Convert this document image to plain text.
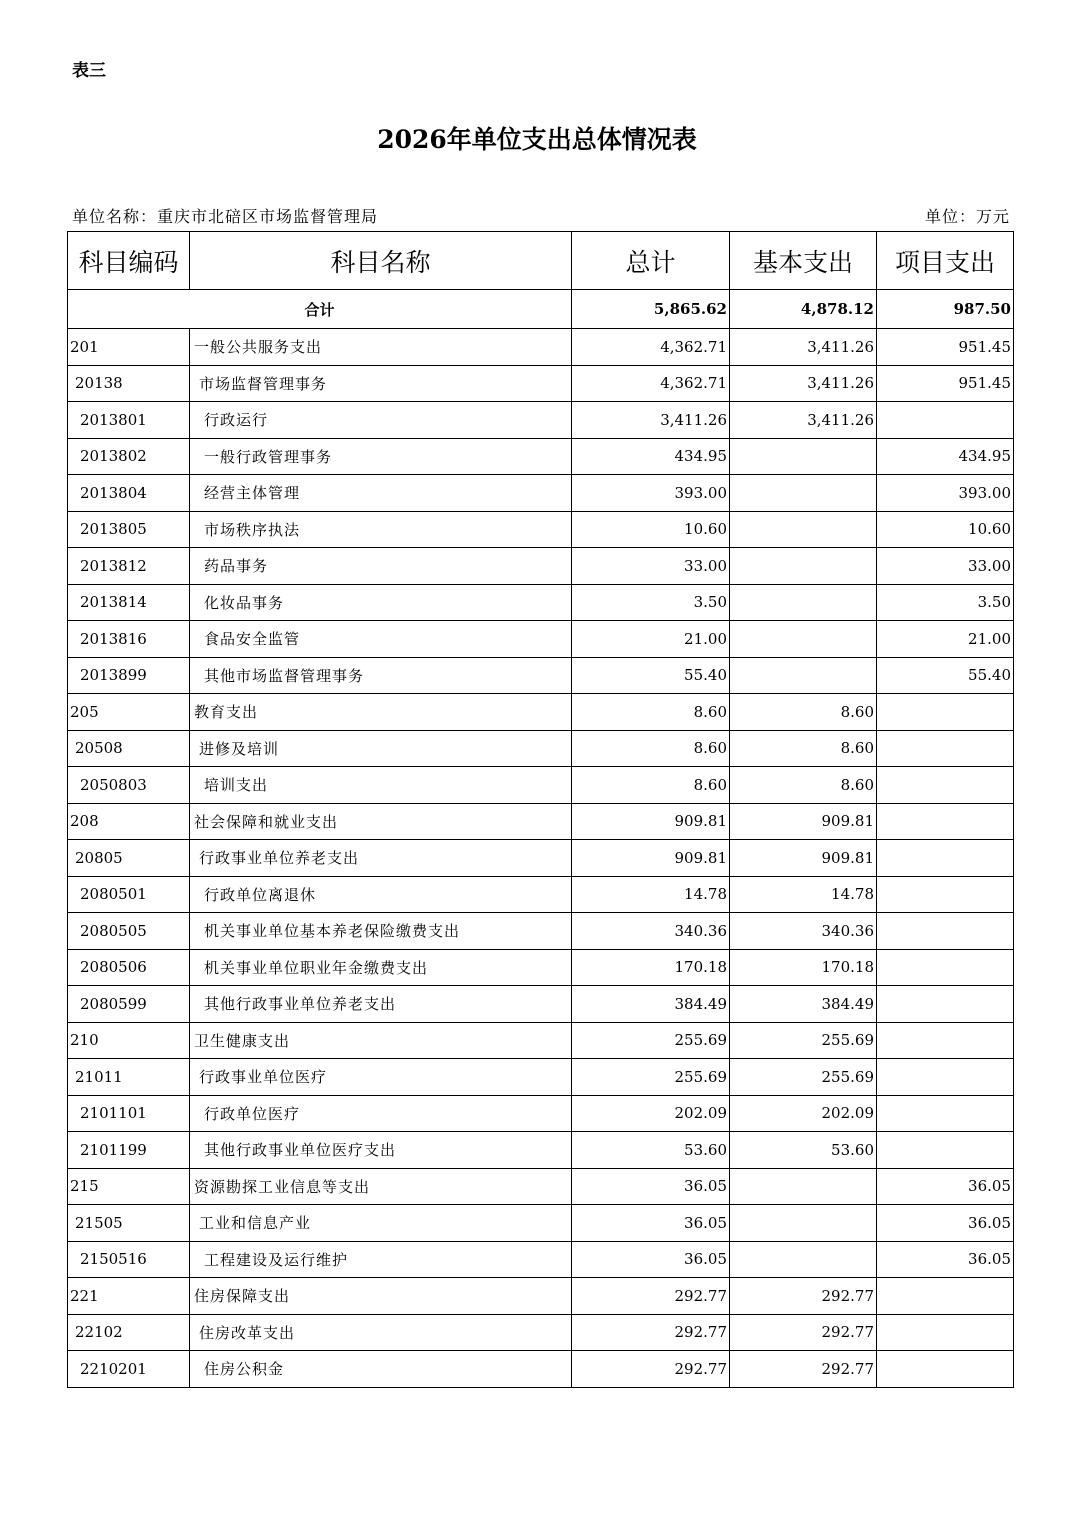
表三
2026年单位支出总体情况表
单位名称：重庆市北碚区市场监督管理局	单位：万元
科目编码	科目名称	总计	基本支出	项目支出
合计		5,865.62	4,878.12	987.50
201	一般公共服务支出	4,362.71	3,411.26	951.45
20138	市场监督管理事务	4,362.71	3,411.26	951.45
2013801	行政运行	3,411.26	3,411.26	
2013802	一般行政管理事务	434.95		434.95
2013804	经营主体管理	393.00		393.00
2013805	市场秩序执法	10.60		10.60
2013812	药品事务	33.00		33.00
2013814	化妆品事务	3.50		3.50
2013816	食品安全监管	21.00		21.00
2013899	其他市场监督管理事务	55.40		55.40
205	教育支出	8.60	8.60	
20508	进修及培训	8.60	8.60	
2050803	培训支出	8.60	8.60	
208	社会保障和就业支出	909.81	909.81	
20805	行政事业单位养老支出	909.81	909.81	
2080501	行政单位离退休	14.78	14.78	
2080505	机关事业单位基本养老保险缴费支出	340.36	340.36	
2080506	机关事业单位职业年金缴费支出	170.18	170.18	
2080599	其他行政事业单位养老支出	384.49	384.49	
210	卫生健康支出	255.69	255.69	
21011	行政事业单位医疗	255.69	255.69	
2101101	行政单位医疗	202.09	202.09	
2101199	其他行政事业单位医疗支出	53.60	53.60	
215	资源勘探工业信息等支出	36.05		36.05
21505	工业和信息产业	36.05		36.05
2150516	工程建设及运行维护	36.05		36.05
221	住房保障支出	292.77	292.77	
22102	住房改革支出	292.77	292.77	
2210201	住房公积金	292.77	292.77	
